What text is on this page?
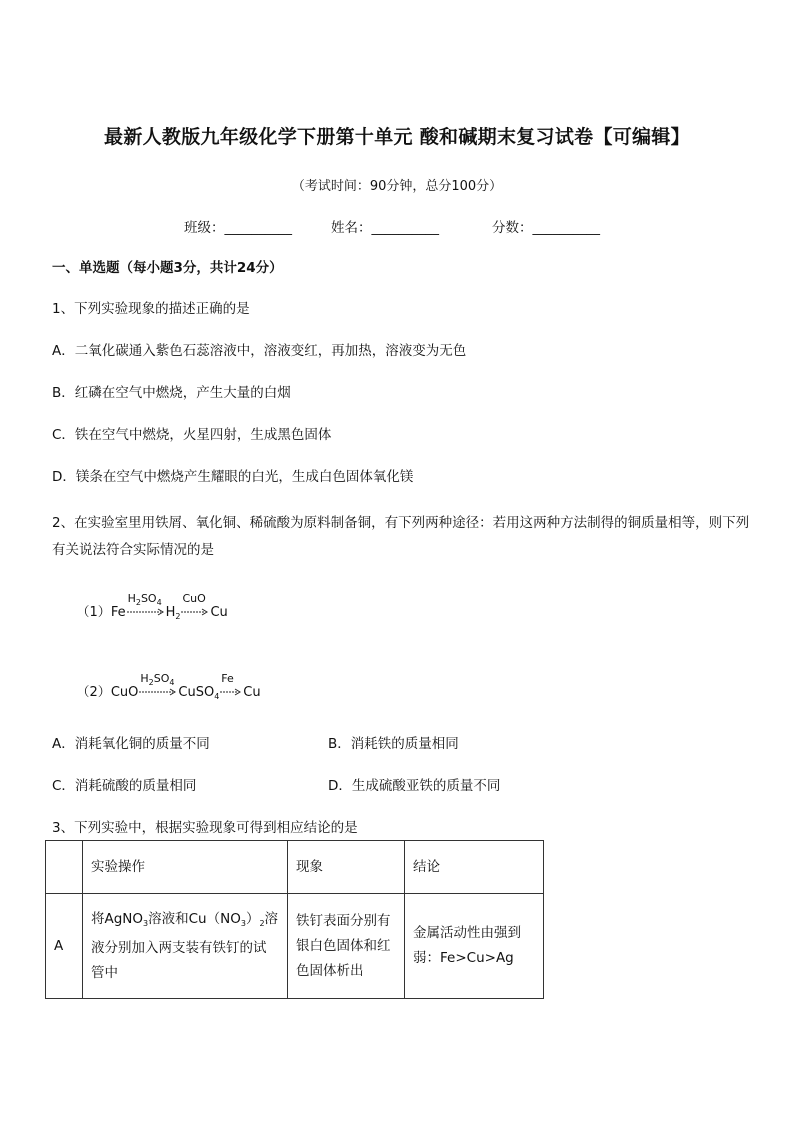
最新人教版九年级化学下册第十单元 酸和碱期末复习试卷【可编辑】
（考试时间：90分钟，总分100分）
班级：__________	姓名：__________	分数：__________
一、单选题（每小题3分，共计24分）
1、下列实验现象的描述正确的是
A．二氧化碳通入紫色石蕊溶液中，溶液变红，再加热，溶液变为无色
B．红磷在空气中燃烧，产生大量的白烟
C．铁在空气中燃烧，火星四射，生成黑色固体
D．镁条在空气中燃烧产生耀眼的白光，生成白色固体氧化镁
2、在实验室里用铁屑、氧化铜、稀硫酸为原料制备铜，有下列两种途径：若用这两种方法制得的铜质量相等，则下列有关说法符合实际情况的是

（1）Fe
$H_2SO_4$
$H_2$
CuO
Cu

（2）CuO
$H_2SO_4$
CuSO$_4$
Fe
Cu

A．消耗氧化铜的质量不同	B．消耗铁的质量相同
C．消耗硫酸的质量相同	D．生成硫酸亚铁的质量不同
3、下列实验中，根据实验现象可得到相应结论的是
	实验操作	现象	结论
A	将AgNO$_3$溶液和$Cu(NO_3)_2$溶液分别加入两支装有铁钉的试管中	铁钉表面分别有银白色固体和红色固体析出	金属活动性由强到弱：Fe>Cu>Ag
